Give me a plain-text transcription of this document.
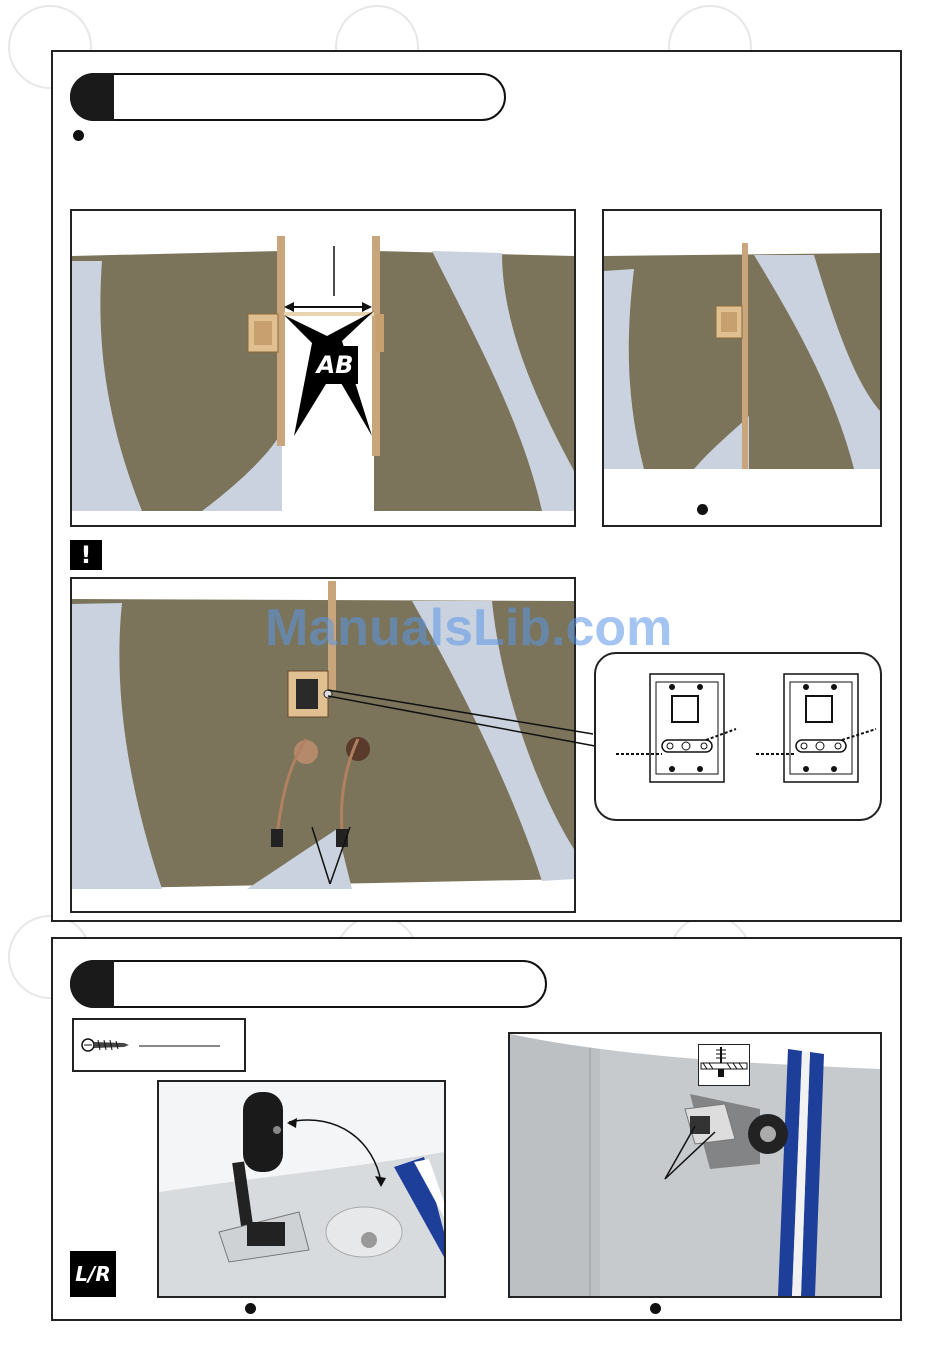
AB
!
ManualsLib.com
L/R
